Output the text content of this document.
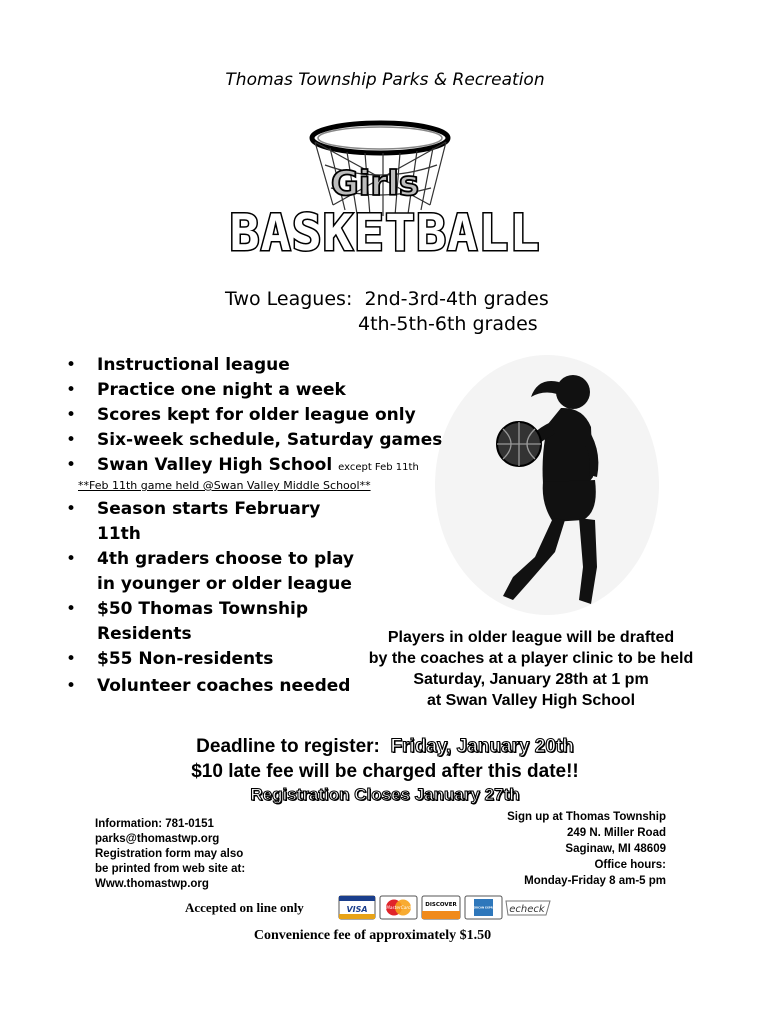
Thomas Township Parks & Recreation
Girls
BASKETBALL
Two Leagues: 2nd-3rd-4th grades
4th-5th-6th grades
• Instructional league
• Practice one night a week
• Scores kept for older league only
• Six-week schedule, Saturday games
• Swan Valley High School except Feb 11th
**Feb 11th game held @Swan Valley Middle School**
• Season starts February 11th
• 4th graders choose to play in younger or older league
• $50 Thomas Township Residents
• $55 Non-residents
• Volunteer coaches needed
Players in older league will be drafted
by the coaches at a player clinic to be held
Saturday, January 28th at 1 pm
at Swan Valley High School
Deadline to register: Friday, January 20th
$10 late fee will be charged after this date!!
Registration Closes January 27th
Information: 781-0151
parks@thomastwp.org
Registration form may also
be printed from web site at:
Www.thomastwp.org
Sign up at Thomas Township
249 N. Miller Road
Saginaw, MI 48609
Office hours:
Monday-Friday 8 am-5 pm
Accepted on line only	VISA	MasterCard
DISCOVER	AMERICAN EXPRESS echeck
Convenience fee of approximately $1.50
